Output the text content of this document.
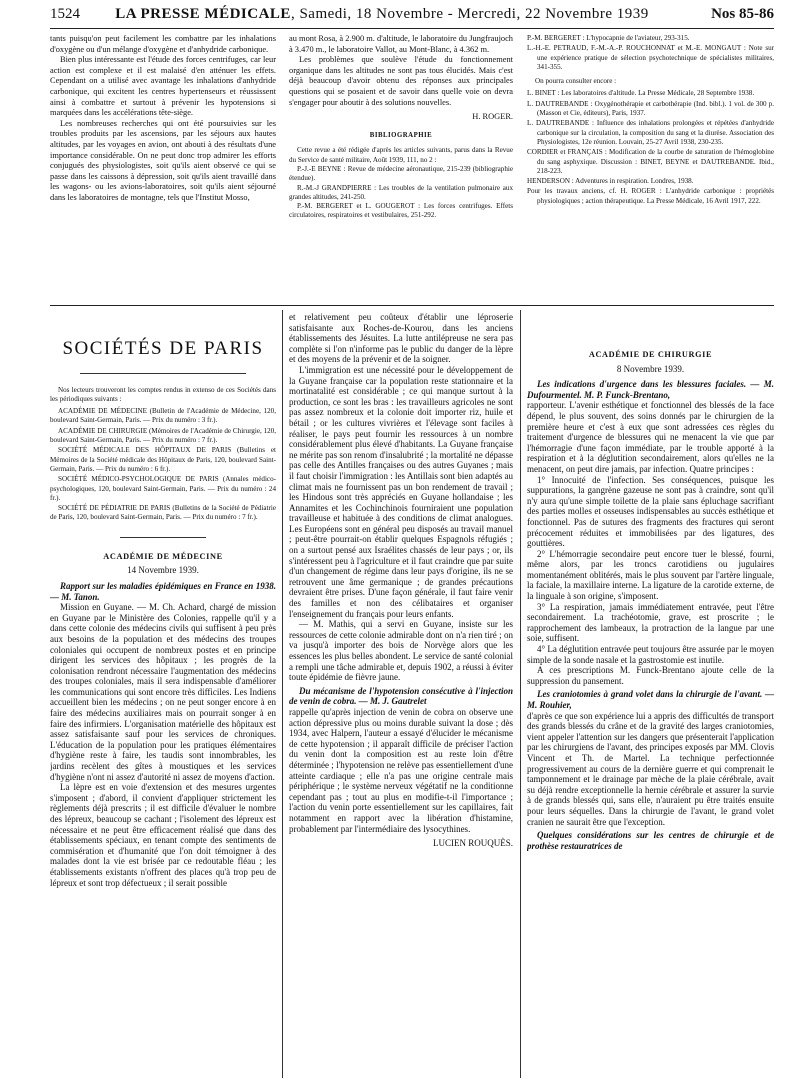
1524	LA PRESSE MÉDICALE, Samedi, 18 Novembre - Mercredi, 22 Novembre 1939	Nos 85-86

tants puisqu'on peut facilement les combattre par les inhalations d'oxygène ou d'un mélange d'oxygène et d'anhydride carbonique.

Bien plus intéressante est l'étude des forces centrifuges, car leur action est complexe et il est malaisé d'en atténuer les effets. Cependant on a utilisé avec avantage les inhalations d'anhydride carbonique, qui excitent les centres hypertenseurs et réussissent ainsi à combattre et surtout à prévenir les hypotensions si marquées dans les accélérations tête-siège.

Les nombreuses recherches qui ont été poursuivies sur les troubles produits par les ascensions, par les séjours aux hautes altitudes, par les voyages en avion, ont abouti à des résultats d'une importance considérable. On ne peut donc trop admirer les efforts conjugués des physiologistes, soit qu'ils aient observé ce qui se passe dans les caissons à dépression, soit qu'ils aient travaillé dans les wagons- ou les avions-laboratoires, soit qu'ils aient séjourné dans les laboratoires de montagne, tels que l'Institut Mosso,

au mont Rosa, à 2.900 m. d'altitude, le laboratoire du Jungfraujoch à 3.470 m., le laboratoire Vallot, au Mont-Blanc, à 4.362 m.

Les problèmes que soulève l'étude du fonctionnement organique dans les altitudes ne sont pas tous élucidés. Mais c'est déjà beaucoup d'avoir obtenu des réponses aux principales questions qui se posaient et de savoir dans quelle voie on devra s'engager pour aboutir à des solutions nouvelles.

H. ROGER.
BIBLIOGRAPHIE

Cette revue a été rédigée d'après les articles suivants, parus dans la Revue du Service de santé militaire, Août 1939, 111, no 2 :

P.-J.-E BEYNE : Revue de médecine aéronautique, 215-239 (bibliographie étendue).

R.-M.-J GRANDPIERRE : Les troubles de la ventilation pulmonaire aux grandes altitudes, 241-250.

P.-M. BERGERET et L. GOUGEROT : Les forces centrifuges. Effets circulatoires, respiratoires et vestibulaires, 251-292.

P.-M. BERGERET : L'hypocapnie de l'aviateur, 293-315.

L.-H.-E. PETRAUD, F.-M.-A.-P. ROUCHONNAT et M.-E. MONGAUT : Note sur une expérience pratique de sélection psychotechnique de spécialistes militaires, 341-355.

On pourra consulter encore :

L. BINET : Les laboratoires d'altitude. La Presse Médicale, 28 Septembre 1938.

L. DAUTREBANDE : Oxygénothérapie et carbothérapie (Ind. bibl.). 1 vol. de 300 p. (Masson et Cie, éditeurs), Paris, 1937.

L. DAUTREBANDE : Influence des inhalations prolongées et répétées d'anhydride carbonique sur la circulation, la composition du sang et la diurèse. Association des Physiologistes, 12e réunion. Louvain, 25-27 Avril 1938, 230-235.

CORDIER et FRANÇAIS : Modification de la courbe de saturation de l'hémoglobine du sang asphyxique. Discussion : BINET, BEYNE et DAUTREBANDE. Ibid., 218-223.

HENDERSON : Adventures in respiration. Londres, 1938.

Pour les travaux anciens, cf. H. ROGER : L'anhydride carbonique : propriétés physiologiques ; action thérapeutique. La Presse Médicale, 16 Avril 1917, 222.

SOCIÉTÉS DE PARIS

Nos lecteurs trouveront les comptes rendus in extenso de ces Sociétés dans les périodiques suivants :

ACADÉMIE DE MÉDECINE (Bulletin de l'Académie de Médecine, 120, boulevard Saint-Germain, Paris. — Prix du numéro : 3 fr.).

ACADÉMIE DE CHIRURGIE (Mémoires de l'Académie de Chirurgie, 120, boulevard Saint-Germain, Paris. — Prix du numéro : 7 fr.).

SOCIÉTÉ MÉDICALE DES HÔPITAUX DE PARIS (Bulletins et Mémoires de la Société médicale des Hôpitaux de Paris, 120, boulevard Saint-Germain, Paris. — Prix du numéro : 6 fr.).

SOCIÉTÉ MÉDICO-PSYCHOLOGIQUE DE PARIS (Annales médico-psychologiques, 120, boulevard Saint-Germain, Paris. — Prix du numéro : 24 fr.).

SOCIÉTÉ DE PÉDIATRIE DE PARIS (Bulletins de la Société de Pédiatrie de Paris, 120, boulevard Saint-Germain, Paris. — Prix du numéro : 7 fr.).

ACADÉMIE DE MÉDECINE
14 Novembre 1939.

Rapport sur les maladies épidémiques en France en 1938. — M. Tanon.

Mission en Guyane. — M. Ch. Achard, chargé de mission en Guyane par le Ministère des Colonies, rappelle qu'il y a dans cette colonie des médecins civils qui suffisent à peu près aux besoins de la population et des médecins des troupes coloniales qui occupent de nombreux postes et en principe dirigent les services des hôpitaux ; les progrès de la colonisation rendront nécessaire l'augmentation des médecins des troupes coloniales, mais il sera indispensable d'améliorer les communications qui sont encore très difficiles. Les Indiens accueillent bien les médecins ; on ne peut songer encore à en faire des médecins auxiliaires mais on pourrait songer à en faire des infirmiers. L'organisation matérielle des hôpitaux est assez satisfaisante sauf pour les services de chroniques. L'éducation de la population pour les pratiques élémentaires d'hygiène reste à faire, les taudis sont innombrables, les jardins recèlent des gîtes à moustiques et les services d'hygiène n'ont ni assez d'autorité ni assez de moyens d'action.

La lèpre est en voie d'extension et des mesures urgentes s'imposent ; d'abord, il convient d'appliquer strictement les règlements déjà prescrits ; il est difficile d'évaluer le nombre des lépreux, beaucoup se cachant ; l'isolement des lépreux est nécessaire et ne peut être efficacement réalisé que dans des établissements spéciaux, en tenant compte des sentiments de commisération et d'humanité que l'on doit témoigner à des malades dont la vie est brisée par ce redoutable fléau ; les établissements existants n'offrent des places qu'à trop peu de lépreux et sont trop défectueux ; il serait possible

et relativement peu coûteux d'établir une léproserie satisfaisante aux Roches-de-Kourou, dans les anciens établissements des Jésuites. La lutte antilépreuse ne sera pas complète si l'on n'informe pas le public du danger de la lèpre et des moyens de la prévenir et de la soigner.

L'immigration est une nécessité pour le développement de la Guyane française car la population reste stationnaire et la mortinatalité est considérable ; ce qui manque surtout à la production, ce sont les bras : les travailleurs agricoles ne sont pas assez nombreux et la colonie doit importer riz, huile et bétail ; or les cultures vivrières et l'élevage sont faciles à réaliser, le pays peut fournir les ressources à un nombre considérablement plus élevé d'habitants. La Guyane française ne mérite pas son renom d'insalubrité ; la mortalité ne dépasse pas celle des Antilles françaises ou des autres Guyanes ; mais il faut choisir l'immigration : les Antillais sont bien adaptés au climat mais ne fournissent pas un bon rendement de travail ; les Hindous sont très appréciés en Guyane hollandaise ; les Annamites et les Cochinchinois fourniraient une population travailleuse et habituée à des conditions de climat analogues. Les Européens sont en général peu disposés au travail manuel ; peut-être pourrait-on établir quelques Espagnols réfugiés ; on a surtout pensé aux Israélites chassés de leur pays ; or, ils s'intéressent peu à l'agriculture et il faut craindre que par suite d'un changement de régime dans leur pays d'origine, ils ne se retrouvent une âme germanique ; de grandes précautions devraient être prises. D'une façon générale, il faut faire venir des familles et non des célibataires et organiser l'enseignement du français pour leurs enfants.

— M. Mathis, qui a servi en Guyane, insiste sur les ressources de cette colonie admirable dont on n'a rien tiré ; on va jusqu'à importer des bois de Norvège alors que les essences les plus belles abondent. Le service de santé colonial a rempli une tâche admirable et, depuis 1902, a réussi à éviter toute épidémie de fièvre jaune.

Du mécanisme de l'hypotension consécutive à l'injection de venin de cobra. — M. J. Gautrelet

rappelle qu'après injection de venin de cobra on observe une action dépressive plus ou moins durable suivant la dose ; dès 1934, avec Halpern, l'auteur a essayé d'élucider le mécanisme de cette hypotension ; il apparaît difficile de préciser l'action du venin dont la composition est au reste loin d'être déterminée ; l'hypotension ne relève pas essentiellement d'une atteinte cardiaque ; elle n'a pas une origine centrale mais périphérique ; le système nerveux végétatif ne la conditionne cependant pas ; tout au plus en modifie-t-il l'importance ; l'action du venin porte essentiellement sur les capillaires, fait notamment en rapport avec la libération d'histamine, probablement par l'intermédiaire des lysocythines.

LUCIEN ROUQUÈS.
ACADÉMIE DE CHIRURGIE
8 Novembre 1939.

Les indications d'urgence dans les blessures faciales. — M. Dufourmentel. M. P. Funck-Brentano,

rapporteur. L'avenir esthétique et fonctionnel des blessés de la face dépend, le plus souvent, des soins donnés par le chirurgien de la première heure et c'est à eux que sont adressées ces règles du traitement d'urgence de blessures qui ne menacent la vie que par l'hémorragie d'une façon immédiate, par le trouble apporté à la respiration et à la déglutition secondairement, alors qu'elles ne la menacent, on peut dire jamais, par infection. Quatre principes :

1° Innocuité de l'infection. Ses conséquences, puisque les suppurations, la gangrène gazeuse ne sont pas à craindre, sont qu'il n'y aura qu'une simple toilette de la plaie sans épluchage sacrifiant des parties molles et osseuses indispensables au succès esthétique et fonctionnel. Pas de sutures des fragments des fractures qui seront précocement réduites et immobilisées par des ligatures, des gouttières.

2° L'hémorragie secondaire peut encore tuer le blessé, fourni, même alors, par les troncs carotidiens ou jugulaires momentanément oblitérés, mais le plus souvent par l'artère linguale, la faciale, la maxillaire interne. La ligature de la carotide externe, de la linguale à son origine, s'imposent.

3° La respiration, jamais immédiatement entravée, peut l'être secondairement. La trachéotomie, grave, est proscrite ; le rapprochement des lambeaux, la protraction de la langue par une soie, suffisent.

4° La déglutition entravée peut toujours être assurée par le moyen simple de la sonde nasale et la gastrostomie est inutile.

A ces prescriptions M. Funck-Brentano ajoute celle de la suppression du pansement.

Les craniotomies à grand volet dans la chirurgie de l'avant. — M. Rouhier,

d'après ce que son expérience lui a appris des difficultés de transport des grands blessés du crâne et de la gravité des larges craniotomies, vient appeler l'attention sur les dangers que présenterait l'application par les chirurgiens de l'avant, des principes exposés par MM. Clovis Vincent et Th. de Martel. La technique perfectionnée progressivement au cours de la dernière guerre et qui comprenait le tamponnement et le drainage par mèche de la plaie cérébrale, avait su déjà rendre exceptionnelle la hernie cérébrale et assurer la survie à de grands blessés qui, sans elle, n'auraient pu être traités ensuite pour leurs séquelles. Dans la chirurgie de l'avant, le grand volet cranien ne saurait être que l'exception.

Quelques considérations sur les centres de chirurgie et de prothèse restauratrices de
